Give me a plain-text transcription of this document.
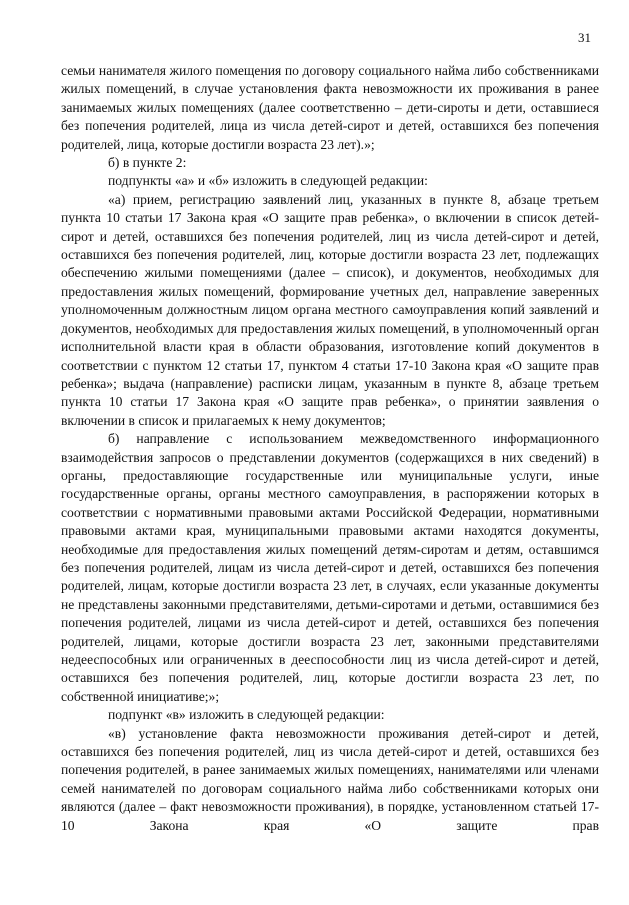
31

семьи нанимателя жилого помещения по договору социального найма либо собственниками жилых помещений, в случае установления факта невозможности их проживания в ранее занимаемых жилых помещениях (далее соответственно – дети-сироты и дети, оставшиеся без попечения родителей, лица из числа детей-сирот и детей, оставшихся без попечения родителей, лица, которые достигли возраста 23 лет).»;

б) в пункте 2:

подпункты «а» и «б» изложить в следующей редакции:

«а) прием, регистрацию заявлений лиц, указанных в пункте 8, абзаце третьем пункта 10 статьи 17 Закона края «О защите прав ребенка», о включении в список детей-сирот и детей, оставшихся без попечения родителей, лиц из числа детей-сирот и детей, оставшихся без попечения родителей, лиц, которые достигли возраста 23 лет, подлежащих обеспечению жилыми помещениями (далее – список), и документов, необходимых для предоставления жилых помещений, формирование учетных дел, направление заверенных уполномоченным должностным лицом органа местного самоуправления копий заявлений и документов, необходимых для предоставления жилых помещений, в уполномоченный орган исполнительной власти края в области образования, изготовление копий документов в соответствии с пунктом 12 статьи 17, пунктом 4 статьи 17-10 Закона края «О защите прав ребенка»; выдача (направление) расписки лицам, указанным в пункте 8, абзаце третьем пункта 10 статьи 17 Закона края «О защите прав ребенка», о принятии заявления о включении в список и прилагаемых к нему документов;

б) направление с использованием межведомственного информационного взаимодействия запросов о представлении документов (содержащихся в них сведений) в органы, предоставляющие государственные или муниципальные услуги, иные государственные органы, органы местного самоуправления, в распоряжении которых в соответствии с нормативными правовыми актами Российской Федерации, нормативными правовыми актами края, муниципальными правовыми актами находятся документы, необходимые для предоставления жилых помещений детям-сиротам и детям, оставшимся без попечения родителей, лицам из числа детей-сирот и детей, оставшихся без попечения родителей, лицам, которые достигли возраста 23 лет, в случаях, если указанные документы не представлены законными представителями, детьми-сиротами и детьми, оставшимися без попечения родителей, лицами из числа детей-сирот и детей, оставшихся без попечения родителей, лицами, которые достигли возраста 23 лет, законными представителями недееспособных или ограниченных в дееспособности лиц из числа детей-сирот и детей, оставшихся без попечения родителей, лиц, которые достигли возраста 23 лет, по собственной инициативе;»;

подпункт «в» изложить в следующей редакции:

«в) установление факта невозможности проживания детей-сирот и детей, оставшихся без попечения родителей, лиц из числа детей-сирот и детей, оставшихся без попечения родителей, в ранее занимаемых жилых помещениях, нанимателями или членами семей нанимателей по договорам социального найма либо собственниками которых они являются (далее – факт невозможности проживания), в порядке, установленном статьей 17-10 Закона края «О защите прав
